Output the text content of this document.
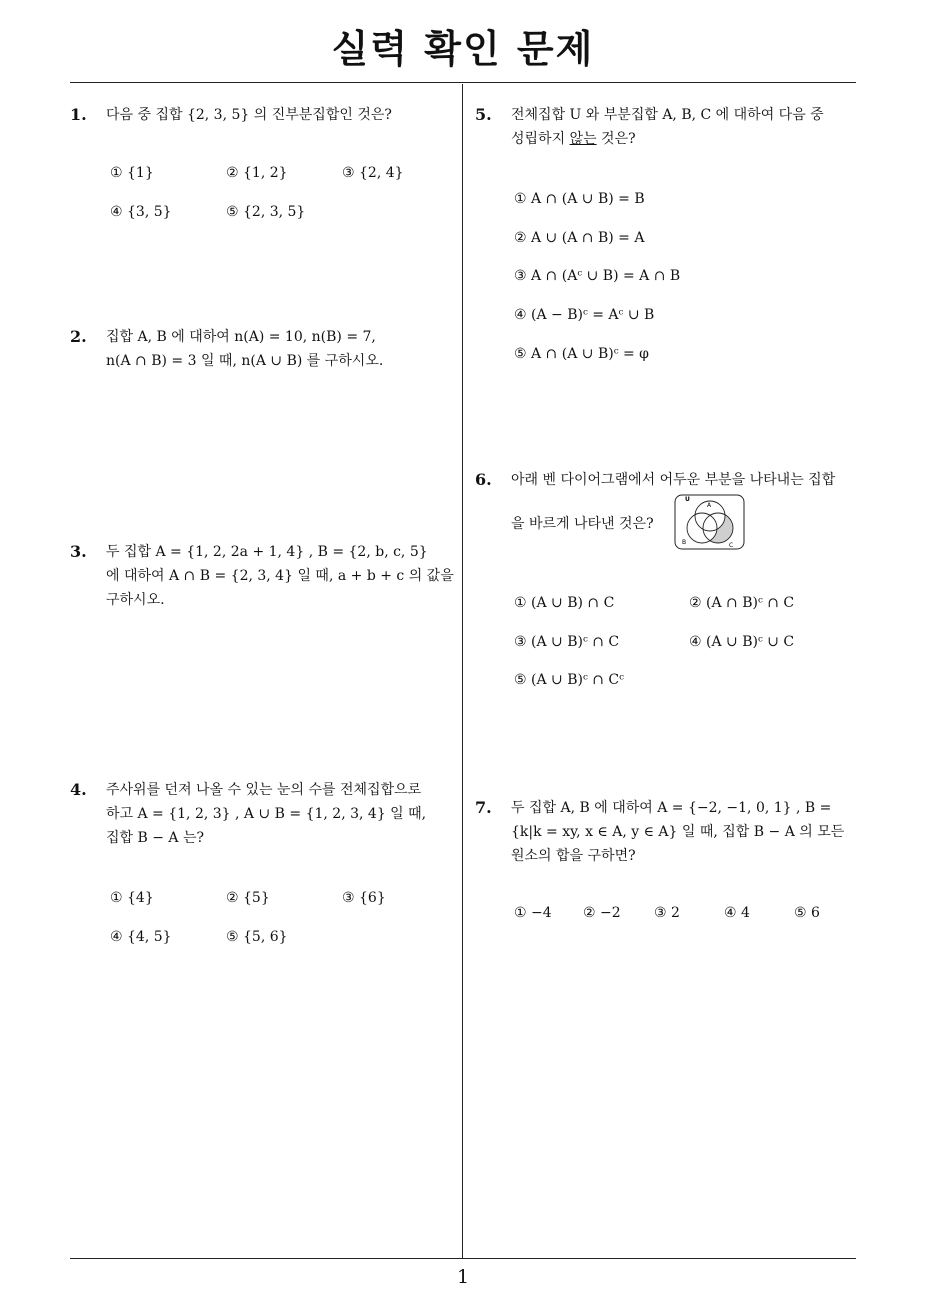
실력 확인 문제
1
1. 다음 중 집합 {2, 3, 5} 의 진부분집합인 것은?
① {1}	② {1, 2}	③ {2, 4}
④ {3, 5}	⑤ {2, 3, 5}
2. 집합 A, B 에 대하여 n(A) = 10, n(B) = 7,
n(A ∩ B) = 3 일 때, n(A ∪ B) 를 구하시오.
3. 두 집합 A = {1, 2, 2a + 1, 4} , B = {2, b, c, 5}
에 대하여 A ∩ B = {2, 3, 4} 일 때, a + b + c 의 값을
구하시오.
4. 주사위를 던져 나올 수 있는 눈의 수를 전체집합으로
하고 A = {1, 2, 3} , A ∪ B = {1, 2, 3, 4} 일 때,
집합 B − A 는?
① {4}	② {5}	③ {6}
④ {4, 5}	⑤ {5, 6}
5. 전체집합 U 와 부분집합 A, B, C 에 대하여 다음 중
성립하지 않는 것은?
① A ∩ (A ∪ B) = B
② A ∪ (A ∩ B) = A
③ A ∩ (Aᶜ ∪ B) = A ∩ B
④ (A − B)ᶜ = Aᶜ ∪ B
⑤ A ∩ (A ∪ B)ᶜ = φ
6. 아래 벤 다이어그램에서 어두운 부분을 나타내는 집합
을 바르게 나타낸 것은?
U
A
B	C
① (A ∪ B) ∩ C	② (A ∩ B)ᶜ ∩ C
③ (A ∪ B)ᶜ ∩ C	④ (A ∪ B)ᶜ ∪ C
⑤ (A ∪ B)ᶜ ∩ Cᶜ
7. 두 집합 A, B 에 대하여 A = {−2, −1, 0, 1} , B =
{k|k = xy, x ∈ A, y ∈ A} 일 때, 집합 B − A 의 모든
원소의 합을 구하면?
① −4 ② −2 ③ 2	④ 4	⑤ 6
